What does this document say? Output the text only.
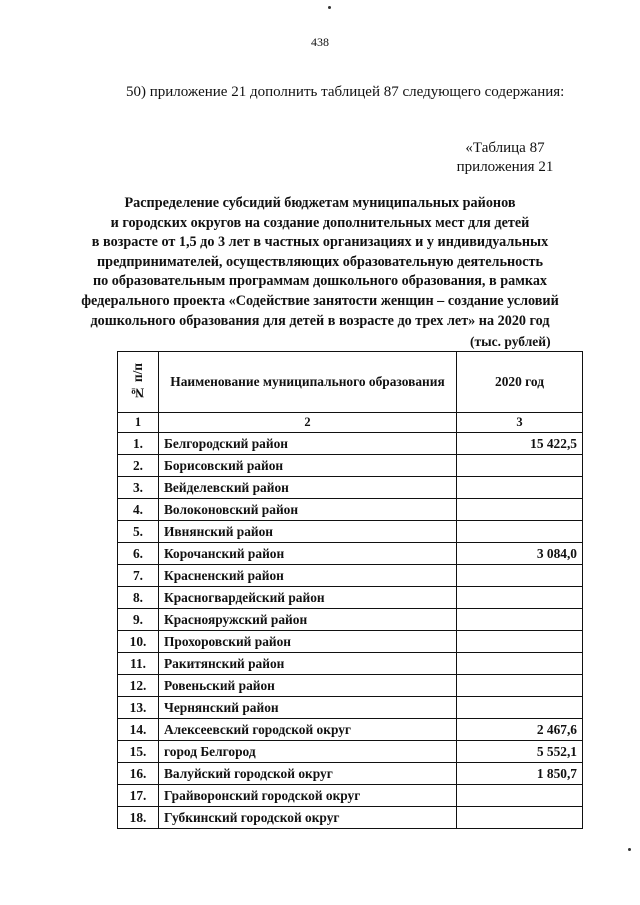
438
50) приложение 21 дополнить таблицей 87 следующего содержания:
«Таблица 87
приложения 21
Распределение субсидий бюджетам муниципальных районов
и городских округов на создание дополнительных мест для детей
в возрасте от 1,5 до 3 лет в частных организациях и у индивидуальных
предпринимателей, осуществляющих образовательную деятельность
по образовательным программам дошкольного образования, в рамках
федерального проекта «Содействие занятости женщин – создание условий
дошкольного образования для детей в возрасте до трех лет» на 2020 год
(тыс. рублей)
№ п/п	Наименование муниципального образования	2020 год
1	2	3
1.	Белгородский район	15 422,5
2.	Борисовский район	
3.	Вейделевский район	
4.	Волоконовский район	
5.	Ивнянский район	
6.	Корочанский район	3 084,0
7.	Красненский район	
8.	Красногвардейский район	
9.	Краснояружский район	
10.	Прохоровский район	
11.	Ракитянский район	
12.	Ровеньский район	
13.	Чернянский район	
14.	Алексеевский городской округ	2 467,6
15.	город Белгород	5 552,1
16.	Валуйский городской округ	1 850,7
17.	Грайворонский городской округ	
18.	Губкинский городской округ	
